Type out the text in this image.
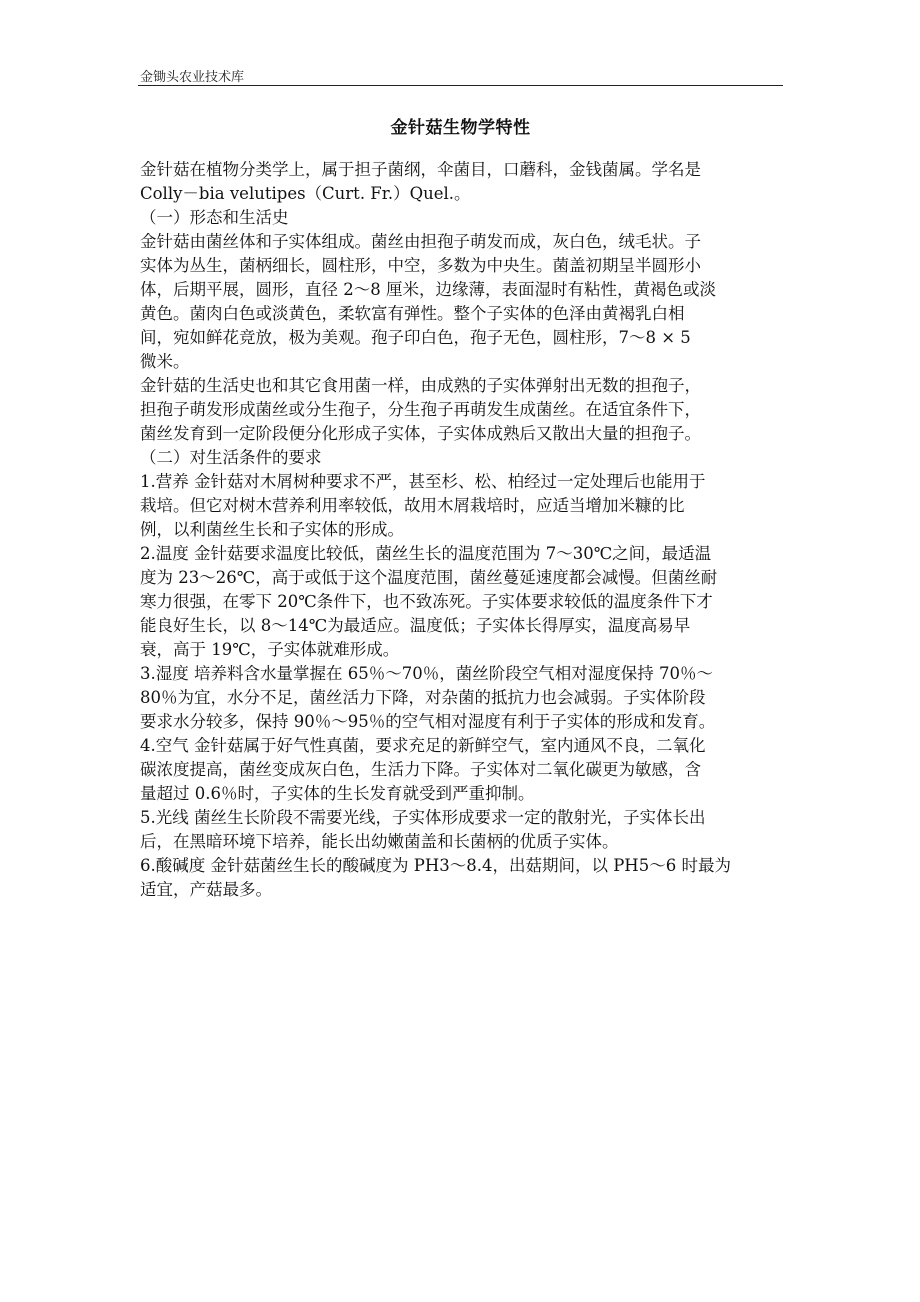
金锄头农业技术库
金针菇生物学特性
金针菇在植物分类学上，属于担子菌纲，伞菌目，口蘑科，金钱菌属。学名是
Colly－bia velutipes（Curt. Fr.）Quel.。
（一）形态和生活史
金针菇由菌丝体和子实体组成。菌丝由担孢子萌发而成，灰白色，绒毛状。子
实体为丛生，菌柄细长，圆柱形，中空，多数为中央生。菌盖初期呈半圆形小
体，后期平展，圆形，直径 2～8 厘米，边缘薄，表面湿时有粘性，黄褐色或淡
黄色。菌肉白色或淡黄色，柔软富有弹性。整个子实体的色泽由黄褐乳白相
间，宛如鲜花竞放，极为美观。孢子印白色，孢子无色，圆柱形，7～8 × 5
微米。
金针菇的生活史也和其它食用菌一样，由成熟的子实体弹射出无数的担孢子，
担孢子萌发形成菌丝或分生孢子，分生孢子再萌发生成菌丝。在适宜条件下，
菌丝发育到一定阶段便分化形成子实体，子实体成熟后又散出大量的担孢子。
（二）对生活条件的要求
1.营养 金针菇对木屑树种要求不严，甚至杉、松、柏经过一定处理后也能用于
栽培。但它对树木营养利用率较低，故用木屑栽培时，应适当增加米糠的比
例，以利菌丝生长和子实体的形成。
2.温度 金针菇要求温度比较低，菌丝生长的温度范围为 7～30℃之间，最适温
度为 23～26℃，高于或低于这个温度范围，菌丝蔓延速度都会减慢。但菌丝耐
寒力很强，在零下 20℃条件下，也不致冻死。子实体要求较低的温度条件下才
能良好生长，以 8～14℃为最适应。温度低；子实体长得厚实，温度高易早
衰，高于 19℃，子实体就难形成。
3.湿度 培养料含水量掌握在 65％～70％，菌丝阶段空气相对湿度保持 70％～
80％为宜，水分不足，菌丝活力下降，对杂菌的抵抗力也会减弱。子实体阶段
要求水分较多，保持 90％～95％的空气相对湿度有利于子实体的形成和发育。
4.空气 金针菇属于好气性真菌，要求充足的新鲜空气，室内通风不良，二氧化
碳浓度提高，菌丝变成灰白色，生活力下降。子实体对二氧化碳更为敏感，含
量超过 0.6％时，子实体的生长发育就受到严重抑制。
5.光线 菌丝生长阶段不需要光线，子实体形成要求一定的散射光，子实体长出
后，在黑暗环境下培养，能长出幼嫩菌盖和长菌柄的优质子实体。
6.酸碱度 金针菇菌丝生长的酸碱度为 PH3～8.4，出菇期间，以 PH5～6 时最为
适宜，产菇最多。
